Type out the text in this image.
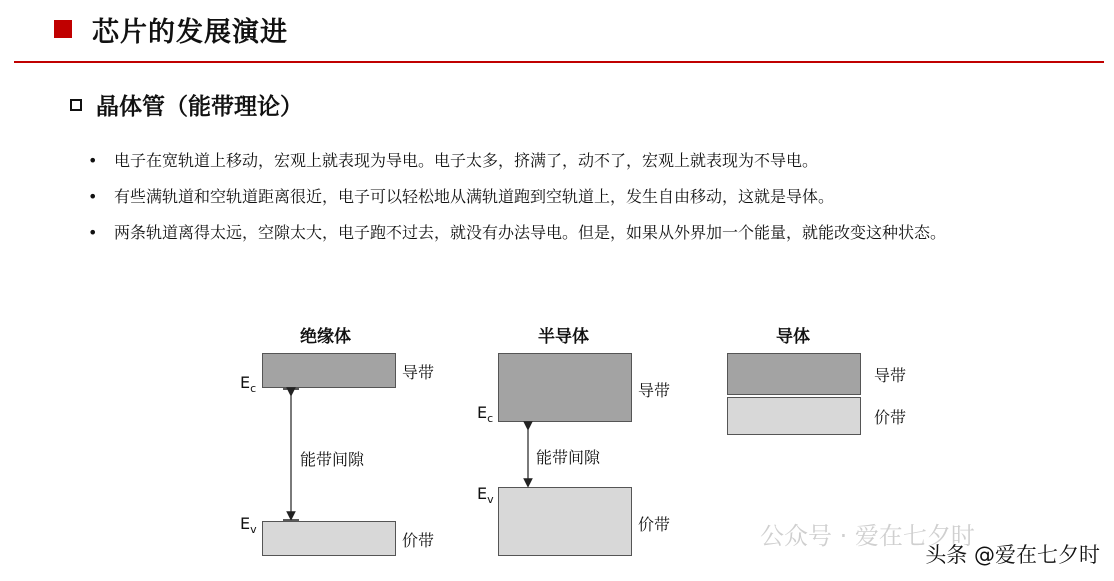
芯片的发展演进
晶体管（能带理论）
•	电子在宽轨道上移动，宏观上就表现为导电。电子太多，挤满了，动不了，宏观上就表现为不导电。
•	有些满轨道和空轨道距离很近，电子可以轻松地从满轨道跑到空轨道上，发生自由移动，这就是导体。
•	两条轨道离得太远，空隙太大，电子跑不过去，就没有办法导电。但是，如果从外界加一个能量，就能改变这种状态。
绝缘体
导带
$E_c$
价带
$E_v$
能带间隙
半导体
导带
$E_c$
价带
$E_v$
能带间隙
导体
导带
价带
公众号 · 爱在七夕时
头条 @爱在七夕时
